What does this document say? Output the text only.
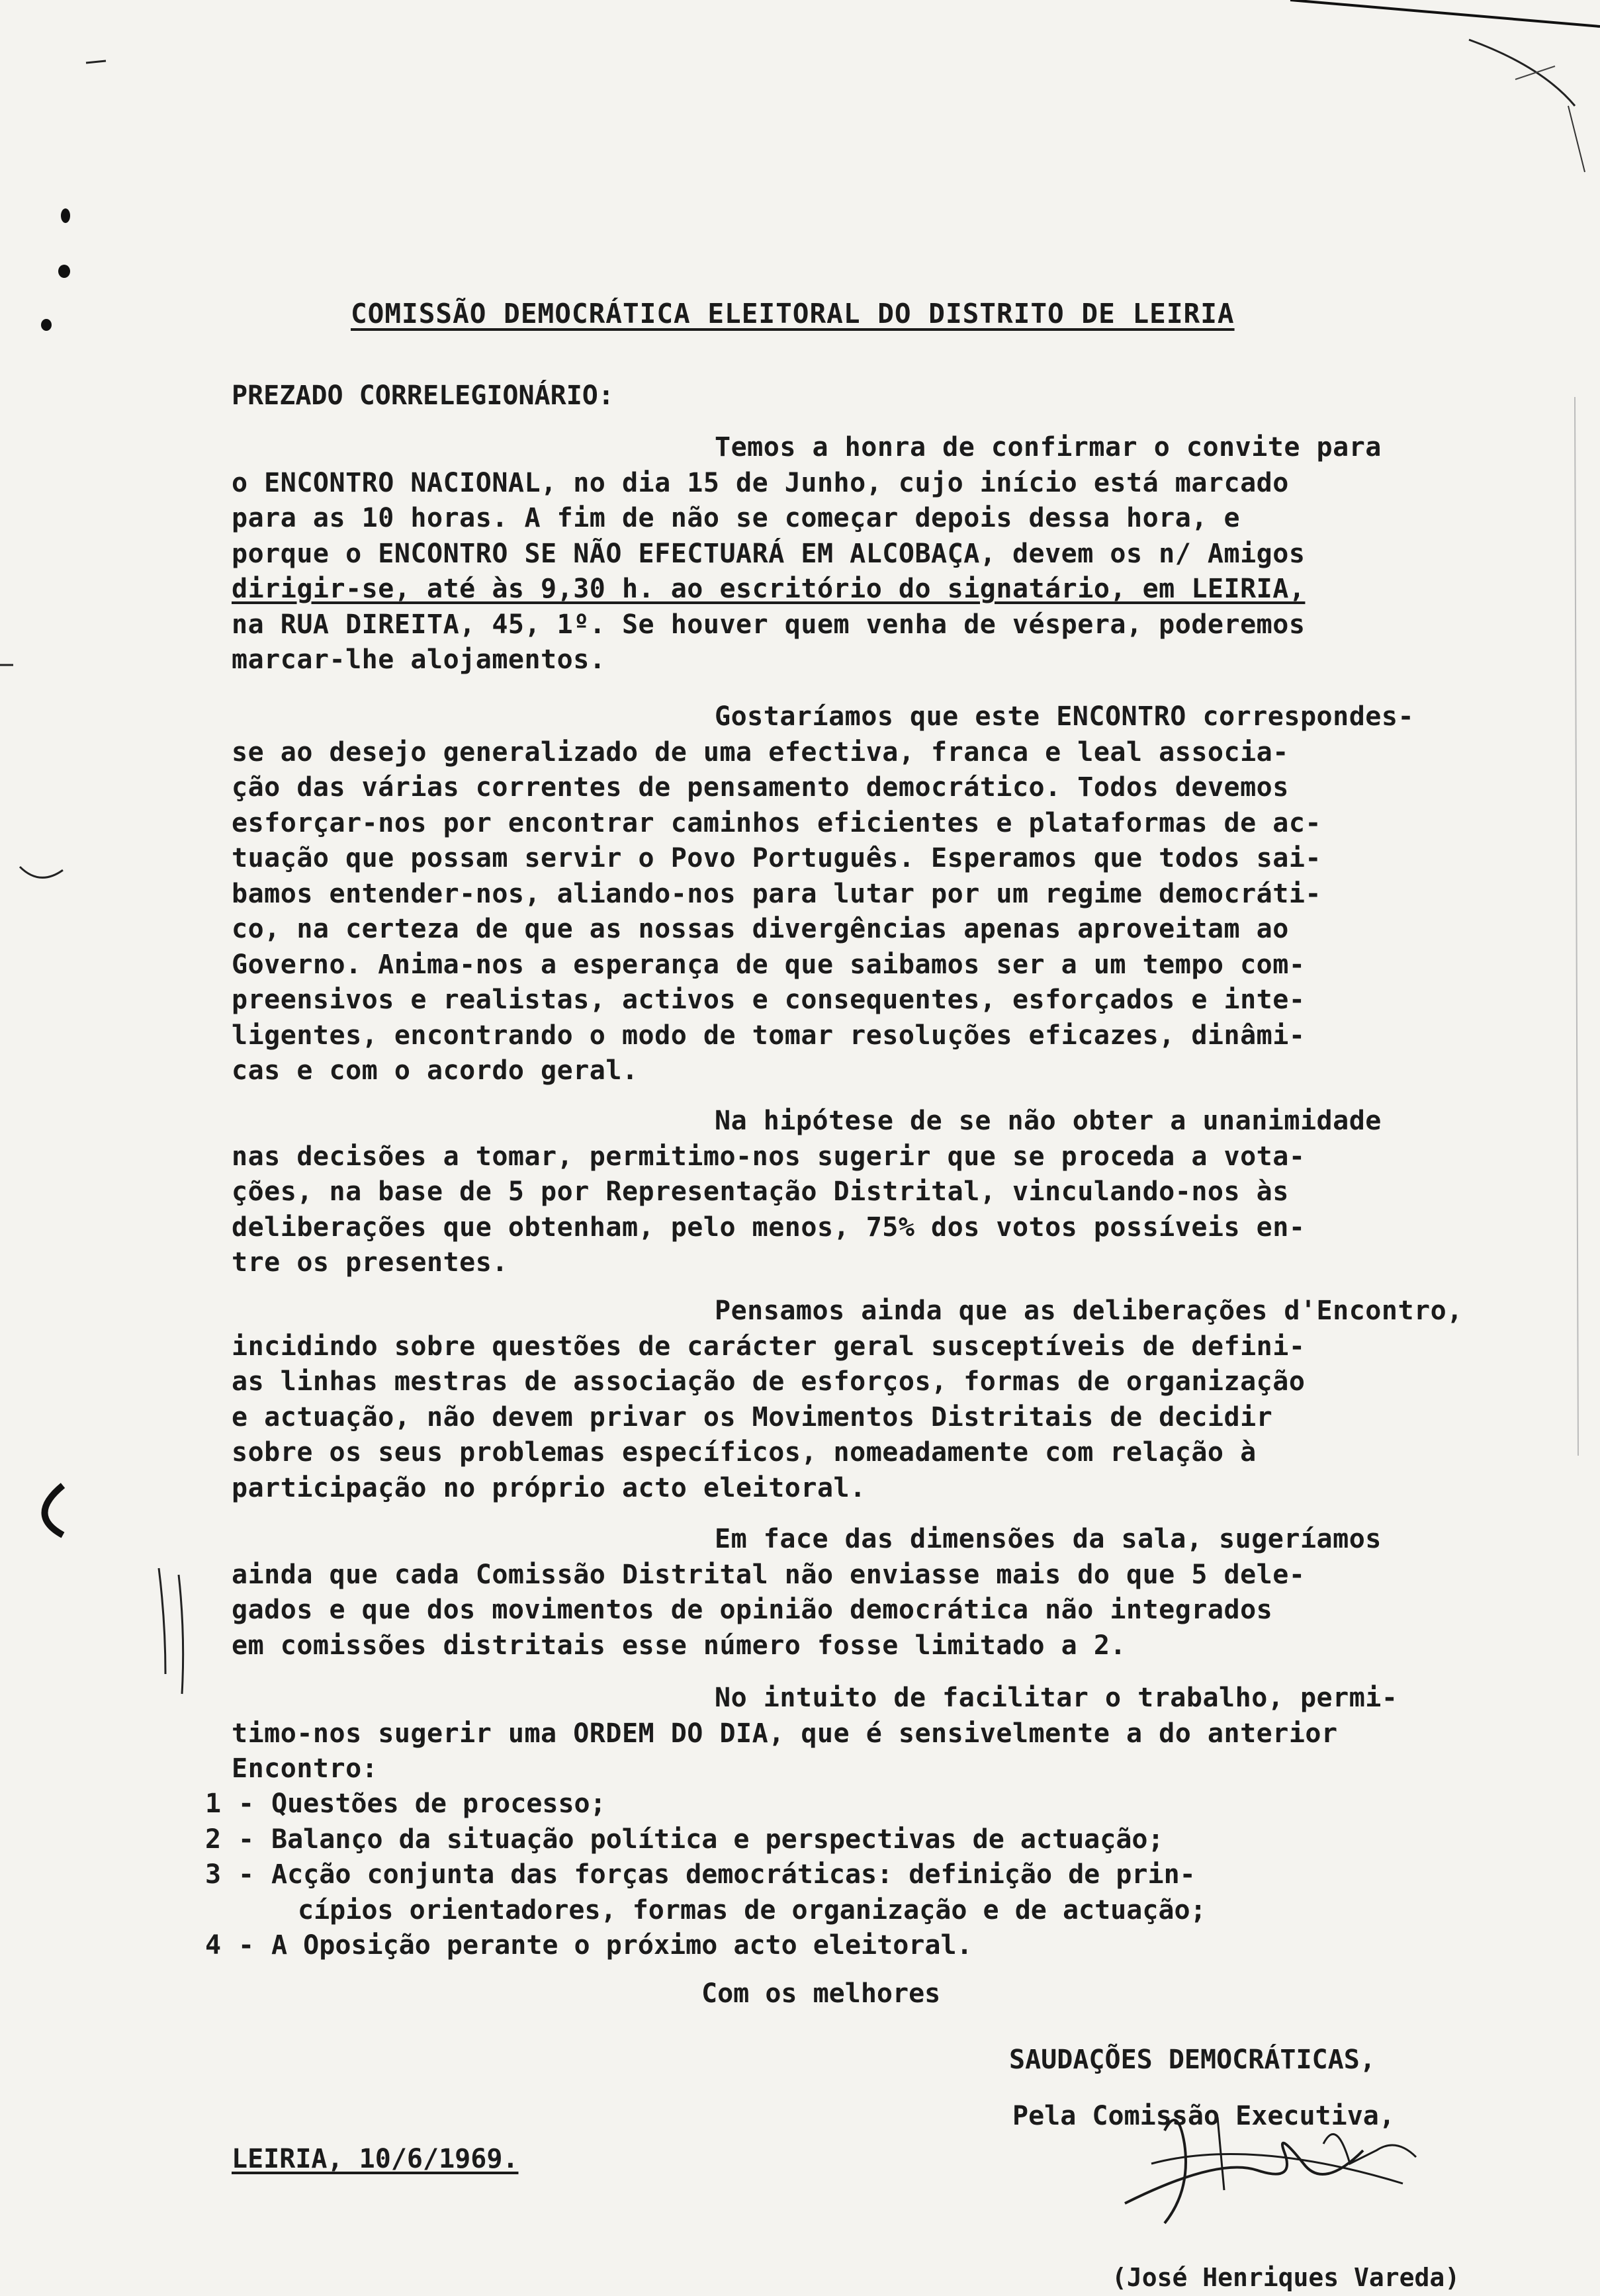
COMISSÃO DEMOCRÁTICA ELEITORAL DO DISTRITO DE LEIRIA
PREZADO CORRELEGIONÁRIO:
Temos a honra de confirmar o convite para
o ENCONTRO NACIONAL, no dia 15 de Junho, cujo início está marcado
para as 10 horas. A fim de não se começar depois dessa hora, e
porque o ENCONTRO SE NÃO EFECTUARÁ EM ALCOBAÇA, devem os n/ Amigos
dirigir-se, até às 9,30 h. ao escritório do signatário, em LEIRIA,
na RUA DIREITA, 45, 1º. Se houver quem venha de véspera, poderemos
marcar-lhe alojamentos.
Gostaríamos que este ENCONTRO correspondes-
se ao desejo generalizado de uma efectiva, franca e leal associa-
ção das várias correntes de pensamento democrático. Todos devemos
esforçar-nos por encontrar caminhos eficientes e plataformas de ac-
tuação que possam servir o Povo Português. Esperamos que todos sai-
bamos entender-nos, aliando-nos para lutar por um regime democráti-
co, na certeza de que as nossas divergências apenas aproveitam ao
Governo. Anima-nos a esperança de que saibamos ser a um tempo com-
preensivos e realistas, activos e consequentes, esforçados e inte-
ligentes, encontrando o modo de tomar resoluções eficazes, dinâmi-
cas e com o acordo geral.
Na hipótese de se não obter a unanimidade
nas decisões a tomar, permitimo-nos sugerir que se proceda a vota-
ções, na base de 5 por Representação Distrital, vinculando-nos às
deliberações que obtenham, pelo menos, 75% dos votos possíveis en-
tre os presentes.
Pensamos ainda que as deliberações d'Encontro,
incidindo sobre questões de carácter geral susceptíveis de defini-
as linhas mestras de associação de esforços, formas de organização
e actuação, não devem privar os Movimentos Distritais de decidir
sobre os seus problemas específicos, nomeadamente com relação à
participação no próprio acto eleitoral.
Em face das dimensões da sala, sugeríamos
ainda que cada Comissão Distrital não enviasse mais do que 5 dele-
gados e que dos movimentos de opinião democrática não integrados
em comissões distritais esse número fosse limitado a 2.
No intuito de facilitar o trabalho, permi-
timo-nos sugerir uma ORDEM DO DIA, que é sensivelmente a do anterior
Encontro:
1 - Questões de processo;
2 - Balanço da situação política e perspectivas de actuação;
3 - Acção conjunta das forças democráticas: definição de prin-
cípios orientadores, formas de organização e de actuação;
4 - A Oposição perante o próximo acto eleitoral.
Com os melhores
SAUDAÇÕES DEMOCRÁTICAS,
Pela Comissão Executiva,
LEIRIA, 10/6/1969.
(José Henriques Vareda)
